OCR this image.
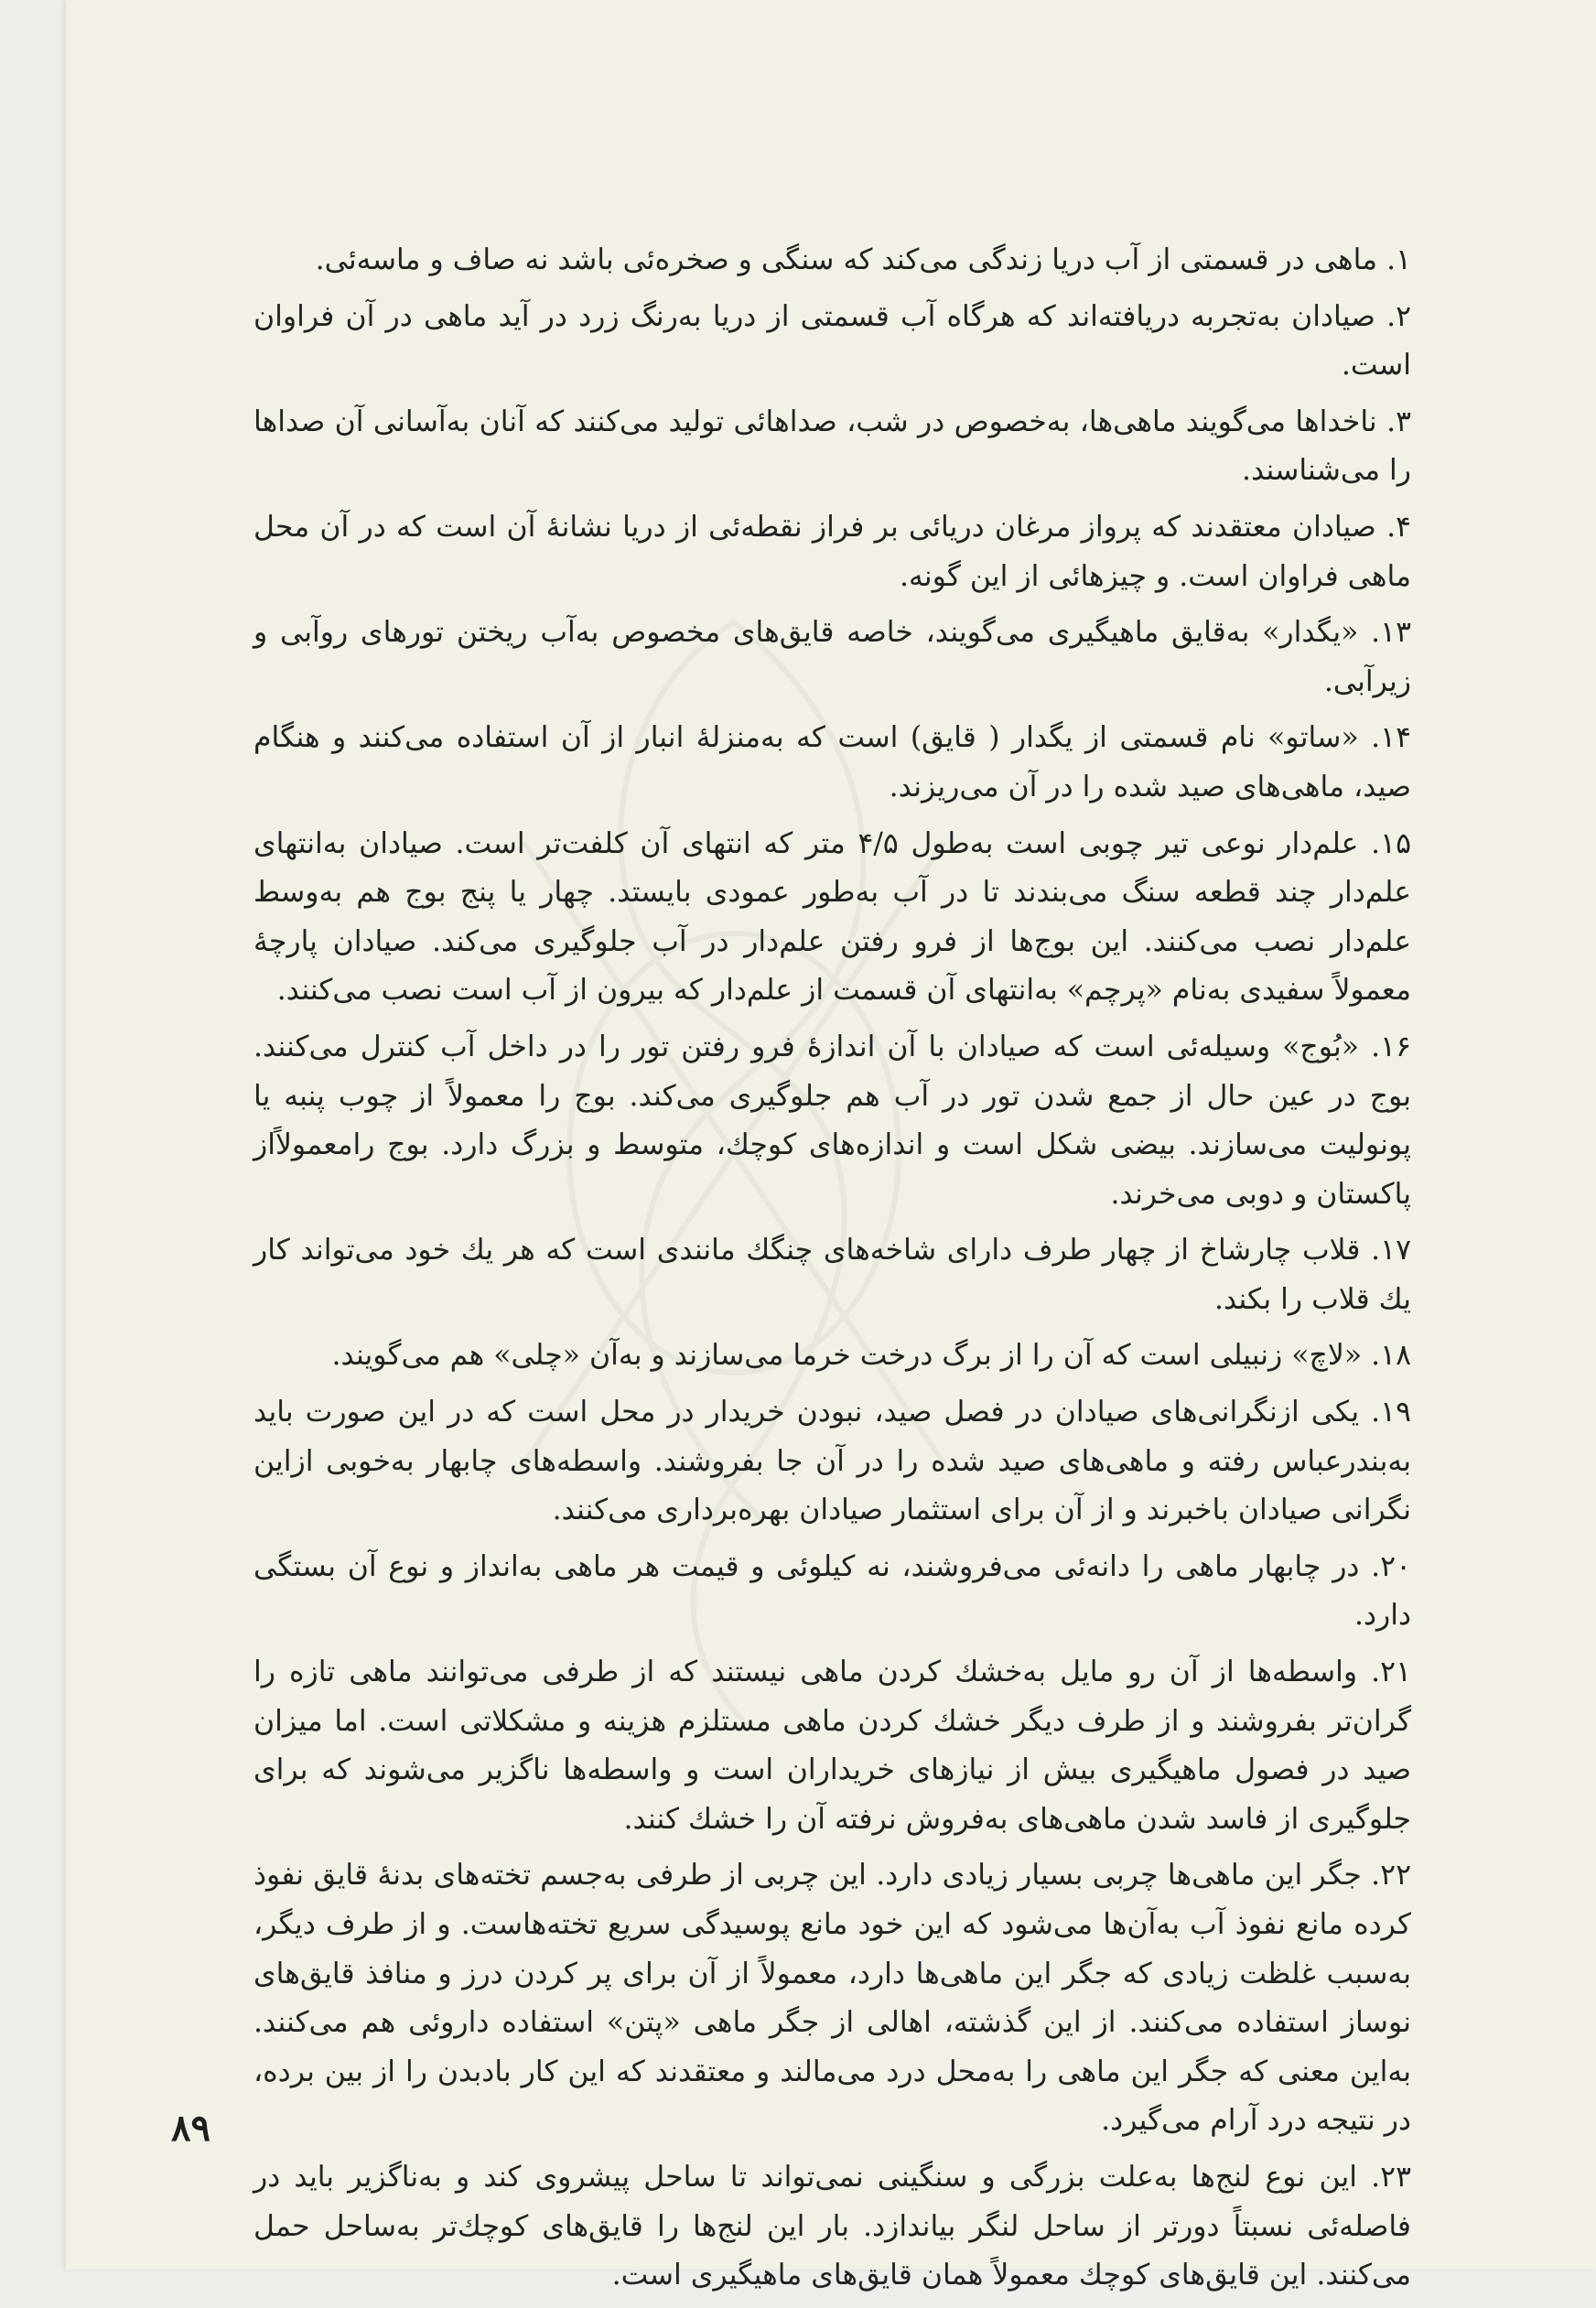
۱. ماهی در قسمتی از آب دریا زندگی می‌کند که سنگی و صخره‌ئی باشد نه صاف و ماسه‌ئی.

۲. صیادان به‌تجربه دریافته‌اند که هرگاه آب قسمتی از دریا به‌رنگ زرد در آید ماهی در آن فراوان است.

۳. ناخداها می‌گویند ماهی‌ها، به‌خصوص در شب، صداهائی تولید می‌کنند که آنان به‌آسانی آن صداها را می‌شناسند.

۴. صیادان معتقدند که پرواز مرغان دریائی بر فراز نقطه‌ئی از دریا نشانهٔ آن است که در آن محل ماهی فراوان است. و چیزهائی از این گونه.

۱۳. «یگدار» به‌قایق ماهیگیری می‌گویند، خاصه قایق‌های مخصوص به‌آب ریختن تورهای روآبی و زیرآبی.

۱۴. «ساتو» نام قسمتی از یگدار ( قایق) است که به‌منزلهٔ انبار از آن استفاده می‌کنند و هنگام صید، ماهی‌های صید شده را در آن می‌ریزند.

۱۵. علم‌دار نوعی تیر چوبی است به‌طول ۴/۵ متر که انتهای آن کلفت‌تر است. صیادان به‌انتهای علم‌دار چند قطعه سنگ می‌بندند تا در آب به‌طور عمودی بایستد. چهار یا پنج بوج هم به‌وسط علم‌دار نصب می‌کنند. این بوج‌ها از فرو رفتن علم‌دار در آب جلوگیری می‌کند. صیادان پارچهٔ معمولاً سفیدی به‌نام «پرچم» به‌انتهای آن قسمت از علم‌دار که بیرون از آب است نصب می‌کنند.

۱۶. «بُوج» وسیله‌ئی است که صیادان با آن اندازهٔ فرو رفتن تور را در داخل آب کنترل می‌کنند. بوج در عین حال از جمع شدن تور در آب هم جلوگیری می‌کند. بوج را معمولاً از چوب پنبه یا پونولیت می‌سازند. بیضی شکل است و اندازه‌های کوچك، متوسط و بزرگ دارد. بوج رامعمولاًاز پاکستان و دوبی می‌خرند.

۱۷. قلاب چارشاخ از چهار طرف دارای شاخه‌های چنگك مانندی است که هر یك خود می‌تواند کار یك قلاب را بکند.

۱۸. «لاچ» زنبیلی است که آن را از برگ درخت خرما می‌سازند و به‌آن «چلی» هم می‌گویند.

۱۹. یکی ازنگرانی‌های صیادان در فصل صید، نبودن خریدار در محل است که در این صورت باید به‌بندرعباس رفته و ماهی‌های صید شده را در آن جا بفروشند. واسطه‌های چابهار به‌خوبی ازاین نگرانی صیادان باخبرند و از آن برای استثمار صیادان بهره‌برداری می‌کنند.

۲۰. در چابهار ماهی را دانه‌ئی می‌فروشند، نه کیلوئی و قیمت هر ماهی به‌انداز و نوع آن بستگی دارد.

۲۱. واسطه‌ها از آن رو مایل به‌خشك کردن ماهی نیستند که از طرفی می‌توانند ماهی تازه را گران‌تر بفروشند و از طرف دیگر خشك کردن ماهی مستلزم هزینه و مشکلاتی است. اما میزان صید در فصول ماهیگیری بیش از نیازهای خریداران است و واسطه‌ها ناگزیر می‌شوند که برای جلوگیری از فاسد شدن ماهی‌های به‌فروش نرفته آن را خشك کنند.

۲۲. جگر این ماهی‌ها چربی بسیار زیادی دارد. این چربی از طرفی به‌جسم تخته‌های بدنهٔ قایق نفوذ کرده مانع نفوذ آب به‌آن‌ها می‌شود که این خود مانع پوسیدگی سریع تخته‌هاست. و از طرف دیگر، به‌سبب غلظت زیادی که جگر این ماهی‌ها دارد، معمولاً از آن برای پر کردن درز و منافذ قایق‌های نوساز استفاده می‌کنند. از این گذشته، اهالی از جگر ماهی «پتن» استفاده داروئی هم می‌کنند. به‌این معنی که جگر این ماهی را به‌محل درد می‌مالند و معتقدند که این کار بادبدن را از بین برده، در نتیجه درد آرام می‌گیرد.

۲۳. این نوع لنج‌ها به‌علت بزرگی و سنگینی نمی‌تواند تا ساحل پیشروی کند و به‌ناگزیر باید در فاصله‌ئی نسبتاً دورتر از ساحل لنگر بیاندازد. بار این لنج‌ها را قایق‌های کوچك‌تر به‌ساحل حمل می‌کنند. این قایق‌های کوچك معمولاً همان قایق‌های ماهیگیری است.

۸۹
